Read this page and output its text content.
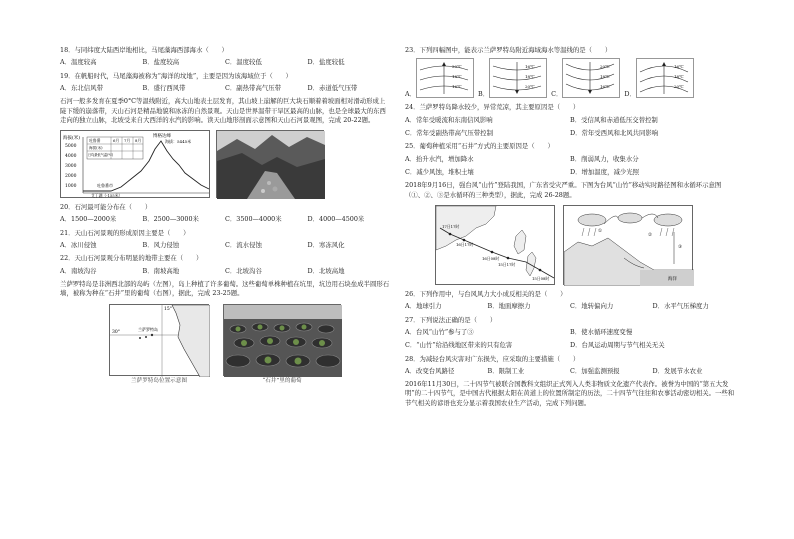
18．与同纬度大陆西岸地相比，马尾藻海西部海水（　　）
A．温度较高	B．盐度较高	C．温度较低	D．盐度较低
19．在帆船时代，马尾藻海被称为“海洋的坟地”，主要是因为该海域位于（　　）
A．东北信风带	B．盛行西风带	C．副热带高气压带	D．赤道低气压带
石河一般多发育在夏季0°C等温线附近，高大山地表土层发育，其山坡上崩解的巨大块石顺着着坡面相对滑动形成上陡下缓的崩落带，天山石河是精品地貌和冰冻的自然景观。天山是世界温带干旱区最高的山脉，也是全球最大的东西走向的独立山脉，北坡受来自大西洋的水汽的影响。读天山地形剖面示意图和天山石河景观图，完成 20-22题。
海拔(米)
5000
4000
3000
2000
1000
吐鲁番	6月 7月 8月
海拔(米)
日均最低气温(℃)
博格达峰
海拔：5445米
吐鲁番市
艾丁湖（-155米）
20．石河最可能分布在（　　）
A．1500—2000米	B．2500—3000米	C．3500—4000米	D．4000—4500米
21．天山石河景观的形成原因主要是（　　）
A．冰川侵蚀	B．风力侵蚀	C．流水侵蚀	D．寒冻风化
22．天山石河景观分布明显的地带主要在（　　）
A．南坡沟谷	B．南坡高地	C．北坡沟谷	D．北坡高地
兰萨罗特岛是非洲西北部的岛屿（左图），岛上种植了许多葡萄。这些葡萄单株种植在坑里，坑边用石块垒成半圆形石墙，被称为种在“石井”里的葡萄（右图），据此，完成 23-25题。
15°
30°
兰萨罗特岛
兰萨罗特岛位置示意图	“石井”里的葡萄
23．下列四幅图中，能表示兰萨罗特岛附近海域海水等温线的是（　　）
A．
20℃
18℃
16℃
B．
16℃
18℃
20℃
C．
20℃
18℃
16℃
D．
16℃
18℃
20℃
24．兰萨罗特岛降水较少，异常荒凉，其主要原因是（　　）
A．常年受暖流和东南信风影响	B．受信风和赤道低压交替控制
C．常年受副热带高气压带控制	D．常年受西风和北风共同影响
25．葡萄种植采用“石井”方式的主要原因是（　　）
A．抬升水汽，增加降水	B．削弱风力，收集水分
C．减少风蚀，堆积土壤	D．增加温度，减少光照
2018年9月16日，强台风“山竹”登陆我国，广东省受灾严重。下图为台风“山竹”移动实时路径图和水循环示意图（①、②、③是水循环的三种类型），据此，完成 26-28题。
17日17时
16日17时
16日08时
15日17时
15日08时
①
②
③
海洋
26．下列作用中，与台风风力大小成反相关的是（　　）
A．地球引力	B．地面摩擦力	C．地转偏向力	D．水平气压梯度力
27．下列说法正确的是（　　）
A．台风“山竹”参与了③	B．使水循环速度变慢
C．“山竹”给沿线地区带来的只有危害	D．台风运动周期与节气相关无关
28．为减轻台风灾害对广东损失，应采取的主要措施（　　）
A．改变台风路径	B．限制工业	C．加强监测预报	D．发展节水农业
2016年11月30日，二十四节气被联合国教科文组织正式列入人类非物质文化遗产代表作。被誉为中国的“第五大发明”的二十四节气，是中国古代根据太阳在黄道上的位置所制定的历法，二十四节气往往和农事活动密切相关。一些和节气相关的谚语也充分显示着我国农业生产活动，完成下列问题。
